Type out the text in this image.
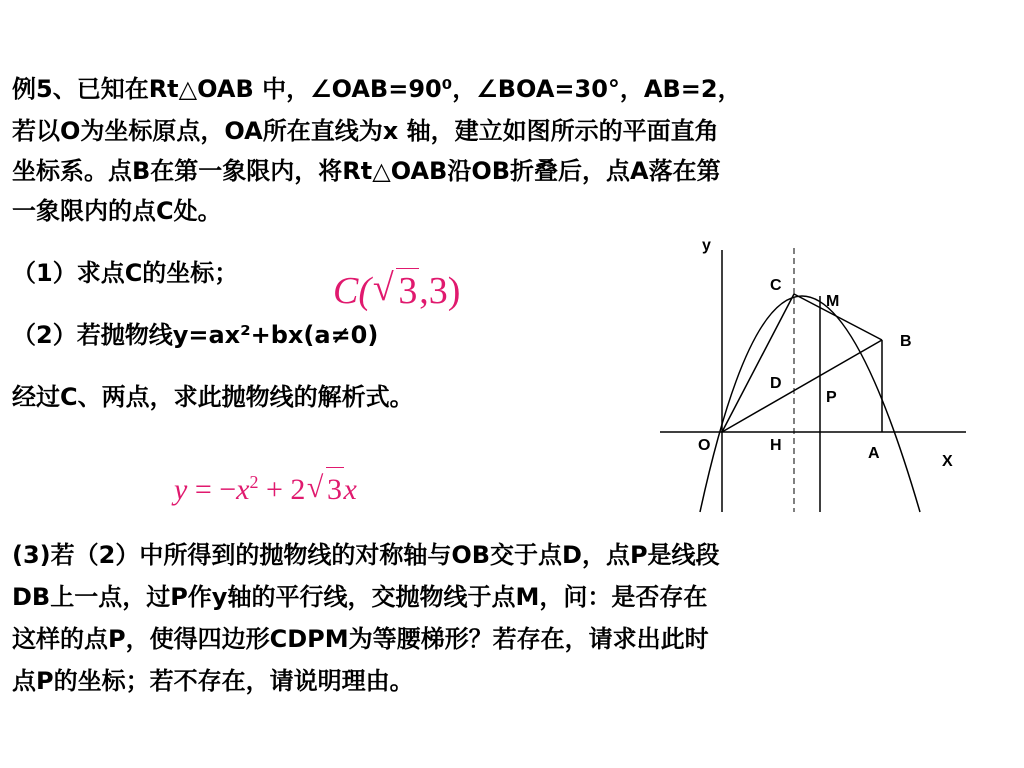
例5、已知在Rt△OAB 中，∠OAB=90⁰，∠BOA=30°，AB=2，
若以O为坐标原点，OA所在直线为x 轴，建立如图所示的平面直角
坐标系。点B在第一象限内，将Rt△OAB沿OB折叠后，点A落在第
一象限内的点C处。
（1）求点C的坐标； C(√ 3,3)
（2）若抛物线y=ax²+bx(a≠0)
经过C、两点，求此抛物线的解析式。
$y = -x^2 + 2√$ 3x
(3)若（2）中所得到的抛物线的对称轴与OB交于点D，点P是线段
DB上一点，过P作y轴的平行线，交抛物线于点M，问：是否存在
这样的点P，使得四边形CDPM为等腰梯形？若存在，请求出此时
点P的坐标；若不存在，请说明理由。
y
X
O	A
B
C
M
D
P
H
